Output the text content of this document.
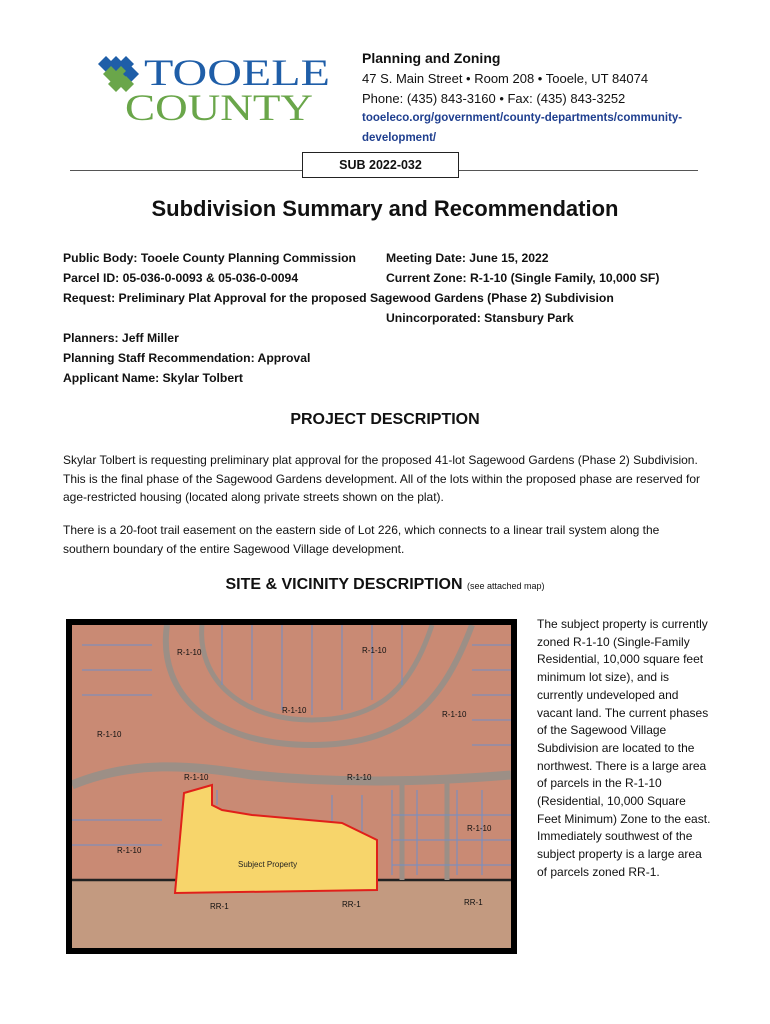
TOOELE
COUNTY
Planning and Zoning
47 S. Main Street • Room 208 • Tooele, UT 84074
Phone: (435) 843-3160 • Fax: (435) 843-3252
tooeleco.org/government/county-departments/community-development/
SUB 2022-032
Subdivision Summary and Recommendation
Public Body: Tooele County Planning Commission Meeting Date: June 15, 2022
Parcel ID: 05-036-0-0093 & 05-036-0-0094	Current Zone: R-1-10 (Single Family, 10,000 SF)
Request: Preliminary Plat Approval for the proposed Sagewood Gardens (Phase 2) Subdivision
Unincorporated: Stansbury Park
Planners: Jeff Miller
Planning Staff Recommendation: Approval
Applicant Name: Skylar Tolbert
PROJECT DESCRIPTION
Skylar Tolbert is requesting preliminary plat approval for the proposed 41-lot Sagewood Gardens (Phase 2) Subdivision. This is the final phase of the Sagewood Gardens development. All of the lots within the proposed phase are reserved for age-restricted housing (located along private streets shown on the plat).
There is a 20-foot trail easement on the eastern side of Lot 226, which connects to a linear trail system along the southern boundary of the entire Sagewood Village development.
SITE & VICINITY DESCRIPTION (see attached map)
Subject Property
R-1-10	R-1-10
R-1-10	R-1-10
R-1-10
R-1-10	R-1-10
R-1-10
R-1-10
RR-1	RR-1	RR-1
The subject property is currently zoned R-1-10 (Single-Family Residential, 10,000 square feet minimum lot size), and is currently undeveloped and vacant land. The current phases of the Sagewood Village Subdivision are located to the northwest. There is a large area of parcels in the R-1-10 (Residential, 10,000 Square Feet Minimum) Zone to the east. Immediately southwest of the subject property is a large area of parcels zoned RR-1.
